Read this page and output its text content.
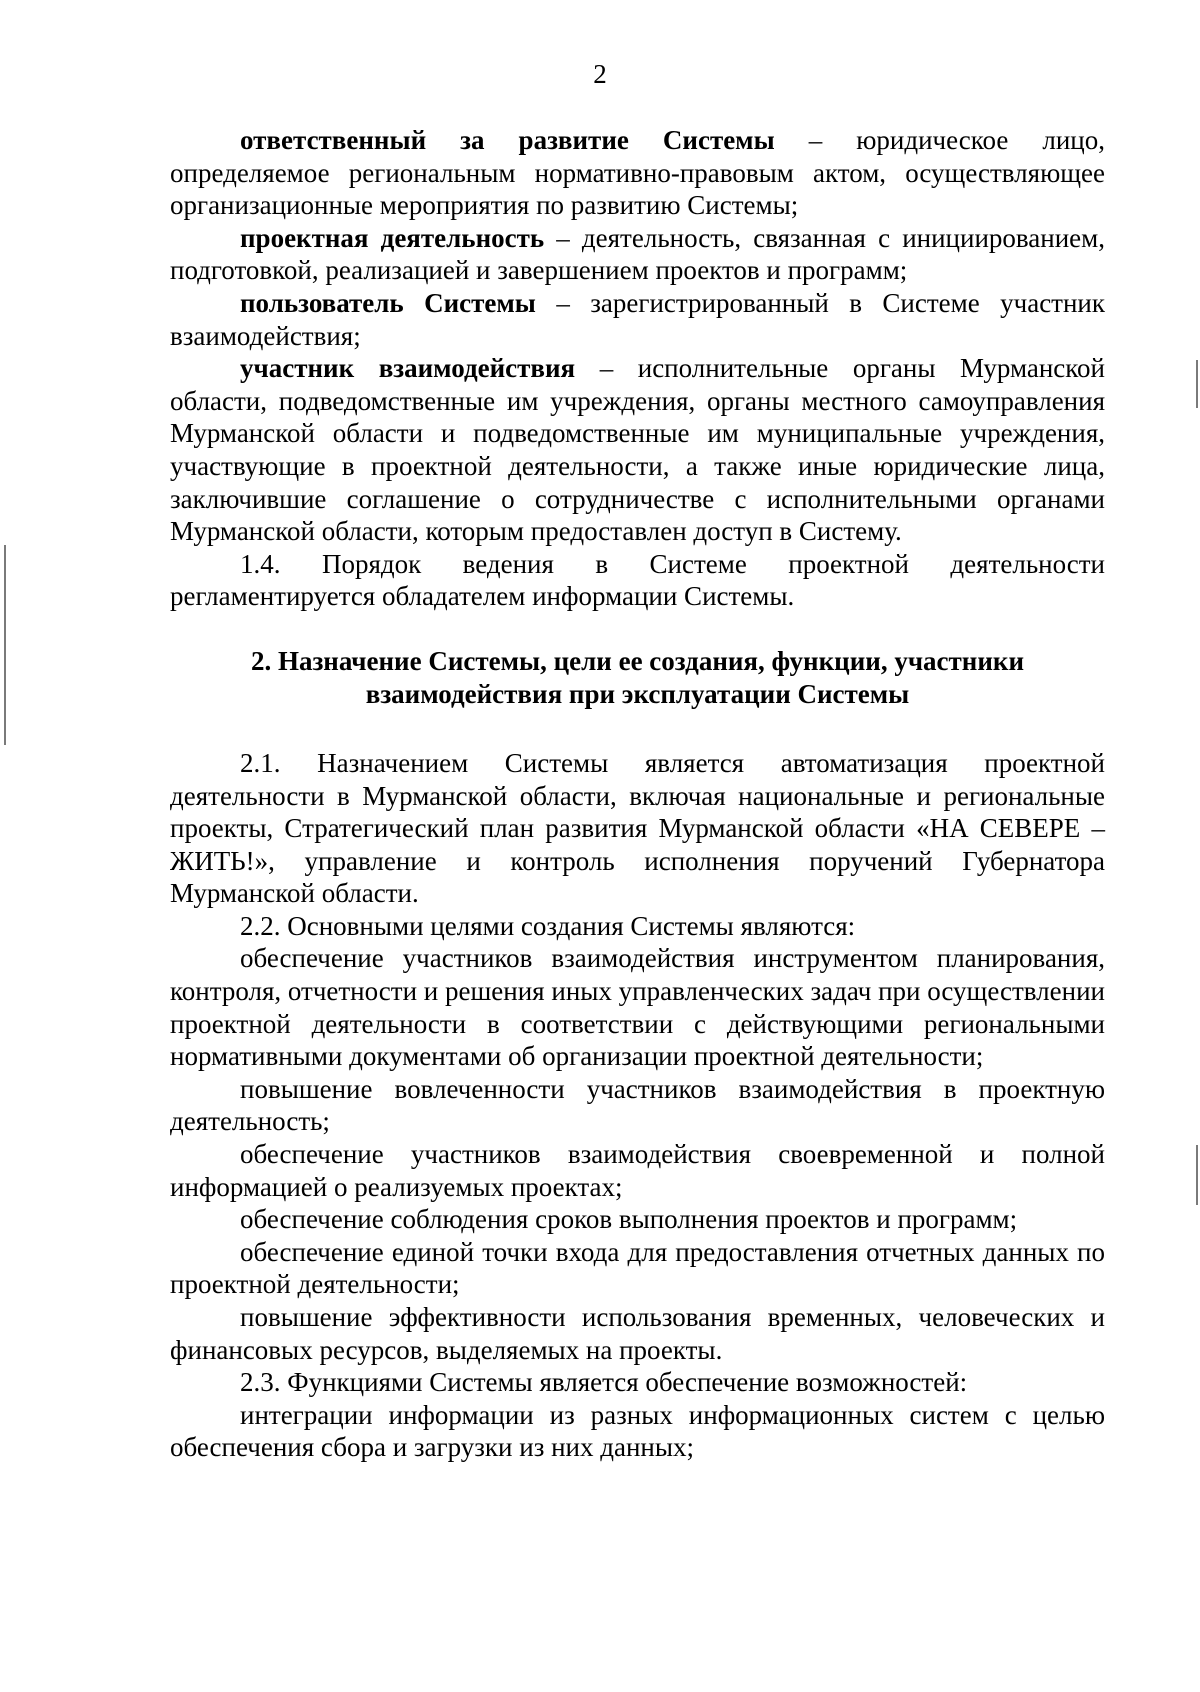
2

ответственный за развитие Системы – юридическое лицо, определяемое региональным нормативно-правовым актом, осуществляющее организационные мероприятия по развитию Системы;

проектная деятельность – деятельность, связанная с инициированием, подготовкой, реализацией и завершением проектов и программ;

пользователь Системы – зарегистрированный в Системе участник взаимодействия;

участник взаимодействия – исполнительные органы Мурманской области, подведомственные им учреждения, органы местного самоуправления Мурманской области и подведомственные им муниципальные учреждения, участвующие в проектной деятельности, а также иные юридические лица, заключившие соглашение о сотрудничестве с исполнительными органами Мурманской области, которым предоставлен доступ в Систему.

1.4. Порядок ведения в Системе проектной деятельности регламентируется обладателем информации Системы.

2. Назначение Системы, цели ее создания, функции, участники
взаимодействия при эксплуатации Системы

2.1. Назначением Системы является автоматизация проектной деятельности в Мурманской области, включая национальные и региональные проекты, Стратегический план развития Мурманской области «НА СЕВЕРЕ – ЖИТЬ!», управление и контроль исполнения поручений Губернатора Мурманской области.

2.2. Основными целями создания Системы являются:

обеспечение участников взаимодействия инструментом планирования, контроля, отчетности и решения иных управленческих задач при осуществлении проектной деятельности в соответствии с действующими региональными нормативными документами об организации проектной деятельности;

повышение вовлеченности участников взаимодействия в проектную деятельность;

обеспечение участников взаимодействия своевременной и полной информацией о реализуемых проектах;

обеспечение соблюдения сроков выполнения проектов и программ;

обеспечение единой точки входа для предоставления отчетных данных по проектной деятельности;

повышение эффективности использования временных, человеческих и финансовых ресурсов, выделяемых на проекты.

2.3. Функциями Системы является обеспечение возможностей:

интеграции информации из разных информационных систем с целью обеспечения сбора и загрузки из них данных;
